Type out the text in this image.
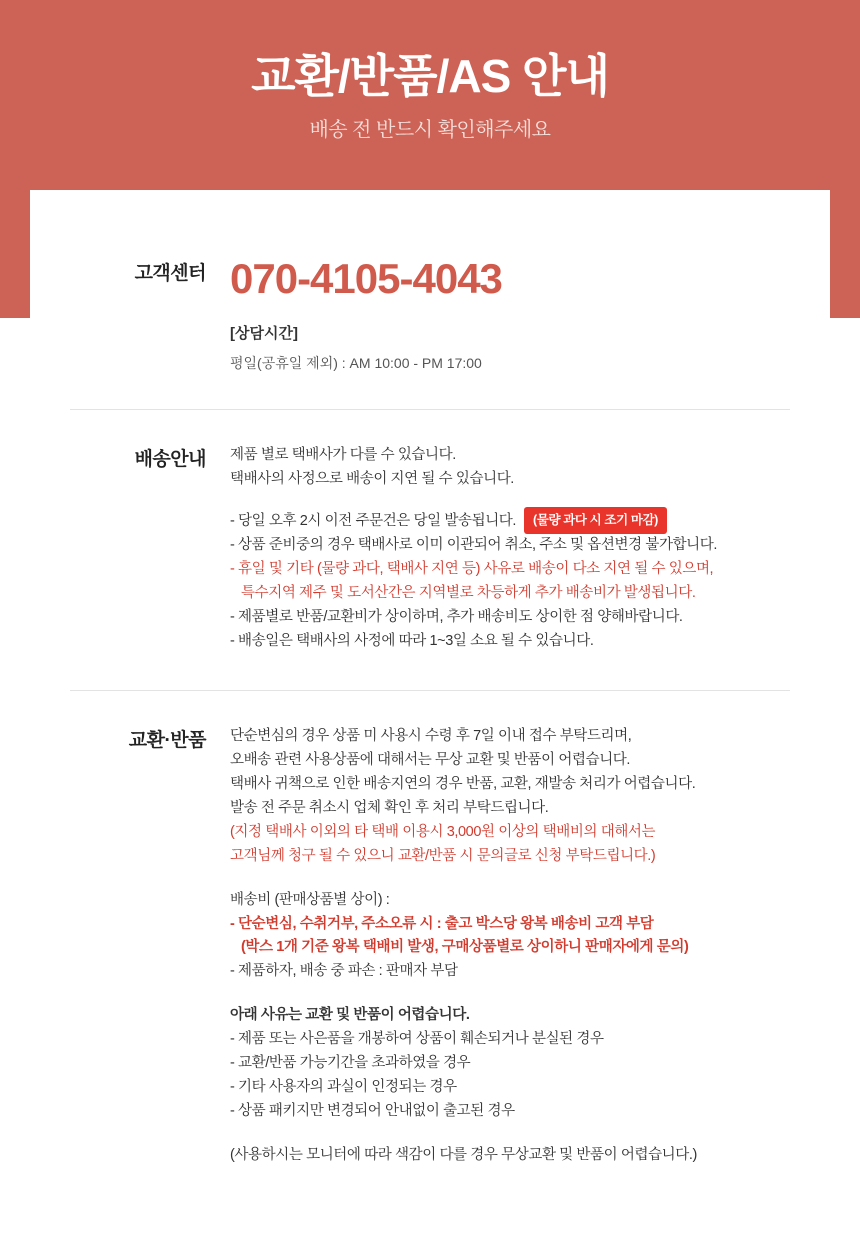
교환/반품/AS 안내
배송 전 반드시 확인해주세요
고객센터 070-4105-4043
[상담시간]
평일(공휴일 제외) : AM 10:00 - PM 17:00
배송안내	제품 별로 택배사가 다를 수 있습니다.
택배사의 사정으로 배송이 지연 될 수 있습니다.
- 당일 오후 2시 이전 주문건은 당일 발송됩니다. (물량 과다 시 조기 마감)
- 상품 준비중의 경우 택배사로 이미 이관되어 취소, 주소 및 옵션변경 불가합니다.
- 휴일 및 기타 (물량 과다, 택배사 지연 등) 사유로 배송이 다소 지연 될 수 있으며,
특수지역 제주 및 도서산간은 지역별로 차등하게 추가 배송비가 발생됩니다.
- 제품별로 반품/교환비가 상이하며, 추가 배송비도 상이한 점 양해바랍니다.
- 배송일은 택배사의 사정에 따라 1~3일 소요 될 수 있습니다.
교환·반품	단순변심의 경우 상품 미 사용시 수령 후 7일 이내 접수 부탁드리며,
오배송 관련 사용상품에 대해서는 무상 교환 및 반품이 어렵습니다.
택배사 귀책으로 인한 배송지연의 경우 반품, 교환, 재발송 처리가 어렵습니다.
발송 전 주문 취소시 업체 확인 후 처리 부탁드립니다.
(지정 택배사 이외의 타 택배 이용시 3,000원 이상의 택배비의 대해서는
고객님께 청구 될 수 있으니 교환/반품 시 문의글로 신청 부탁드립니다.)
배송비 (판매상품별 상이) :
- 단순변심, 수취거부, 주소오류 시 : 출고 박스당 왕복 배송비 고객 부담
(박스 1개 기준 왕복 택배비 발생, 구매상품별로 상이하니 판매자에게 문의)
- 제품하자, 배송 중 파손 : 판매자 부담
아래 사유는 교환 및 반품이 어렵습니다.
- 제품 또는 사은품을 개봉하여 상품이 훼손되거나 분실된 경우
- 교환/반품 가능기간을 초과하였을 경우
- 기타 사용자의 과실이 인정되는 경우
- 상품 패키지만 변경되어 안내없이 출고된 경우
(사용하시는 모니터에 따라 색감이 다를 경우 무상교환 및 반품이 어렵습니다.)
